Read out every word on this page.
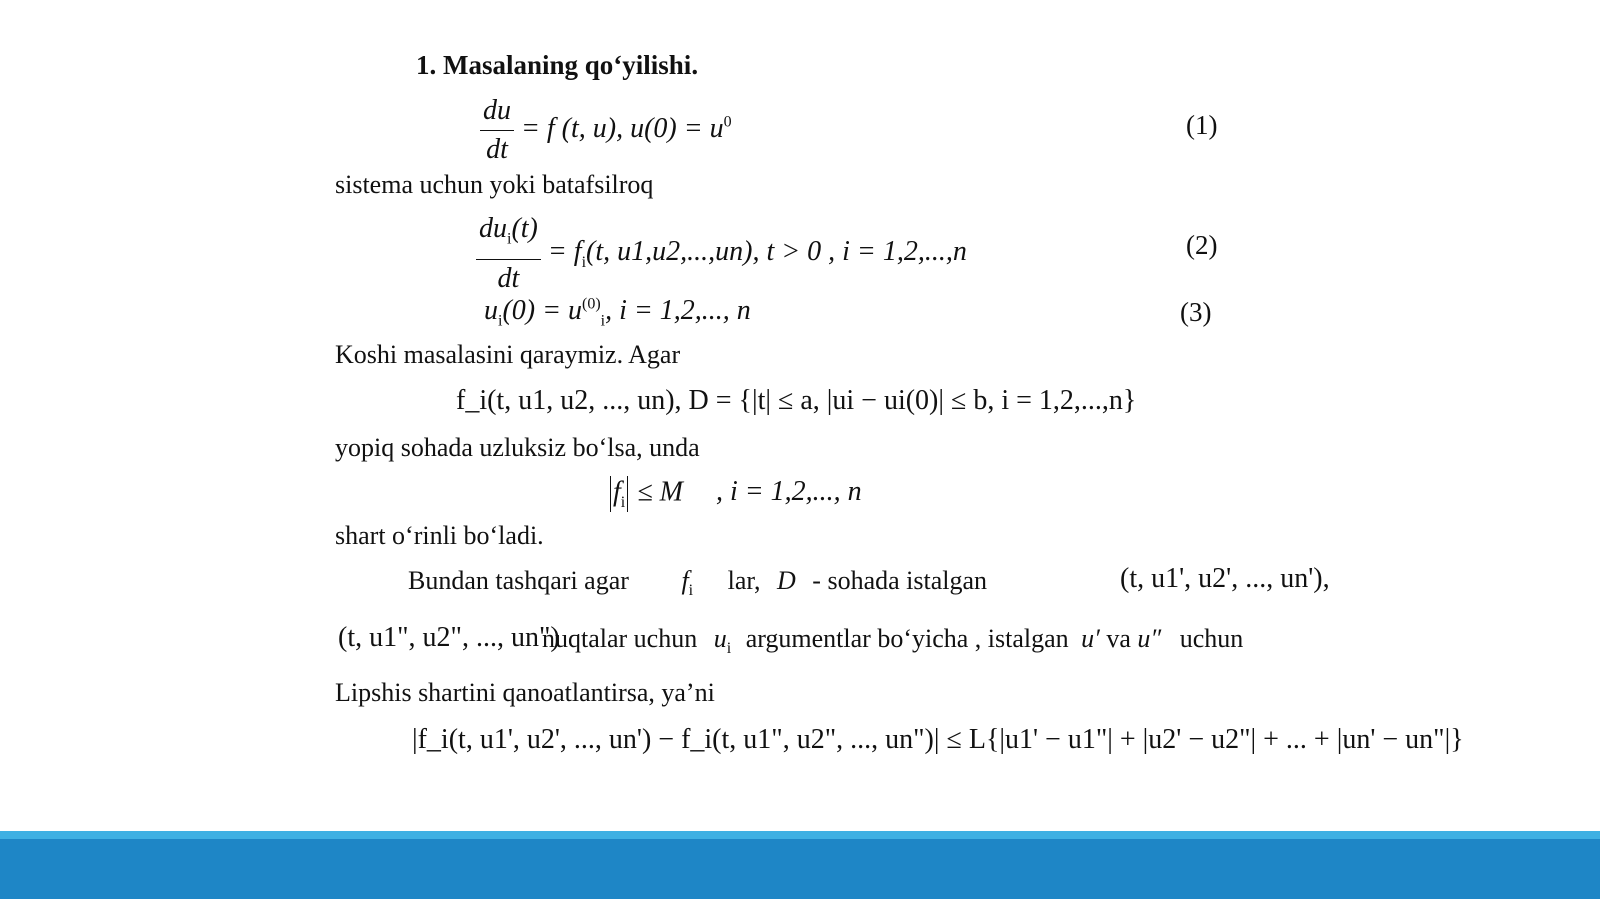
1. Masalaning qo‘yilishi.
$\frac{du}{dt} = f$ (t, u), $u(0) = u^0$	(1)
sistema uchun yoki batafsilroq
$\frac{du_i(t)}{dt} = f_i(t$, u1,u2,...,un), t > 0 , i = 1,2,...,n	(2)
$u_i(0) = u^{(0)}_i$, i = 1,2,..., n	(3)
Koshi masalasini qaraymiz. Agar
f_i(t, u1, u2, ..., un), D = {|t| ≤ a, |ui − ui(0)| ≤ b, i = 1,2,...,n}
yopiq sohada uzluksiz bo‘lsa, unda
$f_i \le M$ , i = 1,2,..., n
shart o‘rinli bo‘ladi.
Bundan tashqari agar $f_i$ lar, D - sohada istalgan	(t, u1', u2', ..., un'),
(t, u1", u2", ..., un")
nuqtalar uchun $u_i$ argumentlar bo‘yicha , istalgan u′ va u″ uchun
Lipshis shartini qanoatlantirsa, ya’ni
|f_i(t, u1', u2', ..., un') − f_i(t, u1", u2", ..., un")| ≤ L{|u1' − u1"| + |u2' − u2"| + ... + |un' − un"|}
